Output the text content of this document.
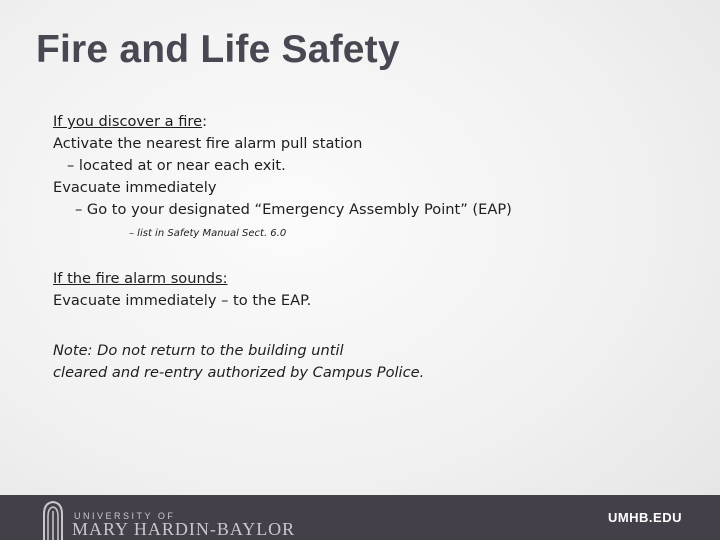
Fire and Life Safety
If you discover a fire:
Activate the nearest fire alarm pull station
– located at or near each exit.
Evacuate immediately
– Go to your designated “Emergency Assembly Point” (EAP)
– list in Safety Manual Sect. 6.0
If the fire alarm sounds:
Evacuate immediately – to the EAP.
Note: Do not return to the building until
cleared and re-entry authorized by Campus Police.
UNIVERSITY OF
MARY HARDIN-BAYLOR
UMHB.EDU
